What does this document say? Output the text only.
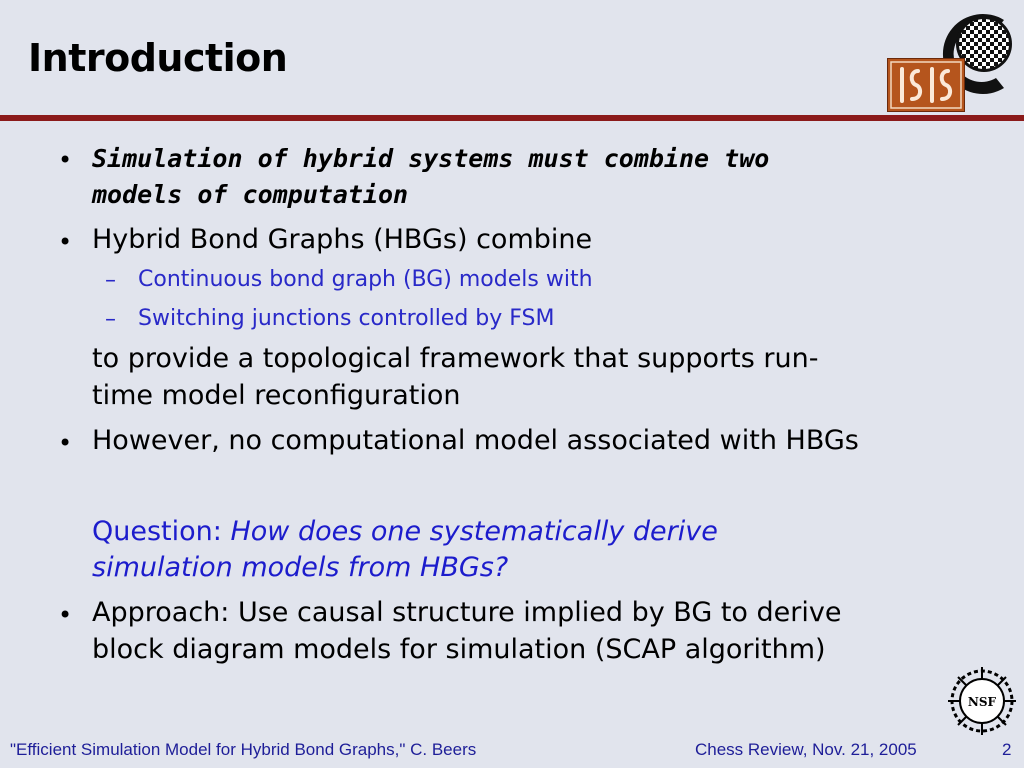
Introduction
• Simulation of hybrid systems must combine two
models of computation
• Hybrid Bond Graphs (HBGs) combine
– Continuous bond graph (BG) models with
– Switching junctions controlled by FSM
to provide a topological framework that supports run-
time model reconfiguration
• However, no computational model associated with HBGs
Question: How does one systematically derive
simulation models from HBGs?
• Approach: Use causal structure implied by BG to derive
block diagram models for simulation (SCAP algorithm)
NSF
"Efficient Simulation Model for Hybrid Bond Graphs," C. Beers	Chess Review, Nov. 21, 2005	2
